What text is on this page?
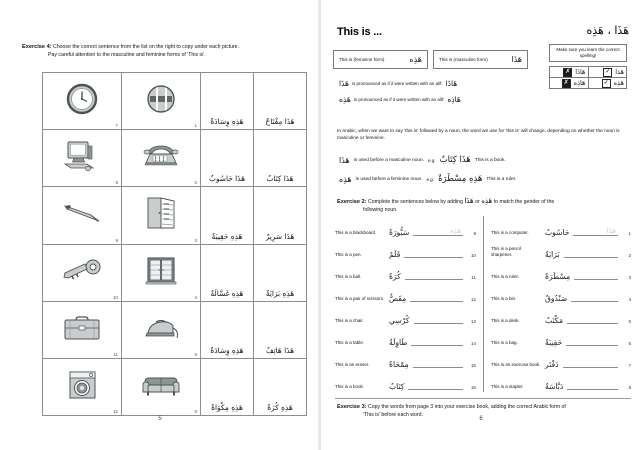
Exercise 4: Choose the correct sentence from the list on the right to copy under each picture.
Pay careful attention to the masculine and feminine forms of 'This is'.
7	1	هَذِهِ وِسَادَةٌ	هَذَا مِفْتَاحٌ

8	2	هَذَا حَاسُوبٌ	هَذَا كِتَابٌ

9	3	هَذِهِ حَقِيبَةٌ	هَذَا سَرِيرٌ

10	4	هَذِهِ غَسَّالَةٌ	هَذِهِ بَرَايَةٌ

11	5	هَذِهِ وِسَادَةٌ	هَذَا هَاتِفٌ

12	6	هَذِهِ مِكْوَاةٌ	هَذِهِ كُرَةٌ
5
This is ...	هَذَا ، هَذِه
This is (feminine form)	هَذِه	This is (masculine form)	هَذَا
Make sure you learn the correct spelling!
هَذَا is pronounced as if it were written with an alif: هَاذَا
هَذِه is pronounced as if it were written with an alif: هَاذِه
✗ هَاذَا	✓ هَذا

✗ هَاذِه	✓ هَذِه
In Arabic, when we want to say 'this is' followed by a noun, the word we use for 'this is' will change, depending on whether the noun is masculine or feminine.
هَذَا is used before a masculine noun. e.g. هَذَا كِتَابٌ This is a book.
هَذِه is used before a feminine noun. e.g. هَذِهِ مِسْطَرَةٌ This is a ruler.
Exercise 2: Complete the sentences below by adding هَذَا or هَذِه to match the gender of the
following noun.
This is a blackboard.	سَبُّورَةٌ	هَذِه	9
This is a pen.	قَلَمٌ	10
This is a ball.	كُرَةٌ	11
This is a pair of scissors. مِقَصٌّ	12
This is a chair.	كُرْسِي	13
This is a table.	طَاوِلَةٌ	14
This is an eraser.	مِمْحَاةٌ	15
This is a book.	كِتَابٌ	16
This is a computer.	حَاسُوبٌ	هَذَا	1
This is a pencil sharpener.	بَرَايَةٌ	2
This is a ruler.	مِسْطَرَةٌ	3
This is a bin.	صَنْدُوقٌ	4
This is a desk.	مَكْتَبٌ	5
This is a bag.	حَقِيبَةٌ	6
This is an exercise book. دَفْتَر	7
This is a stapler.	دَبَّاسَةٌ	8
Exercise 3: Copy the words from page 3 into your exercise book, adding the correct Arabic form of
'This is' before each word.
6
